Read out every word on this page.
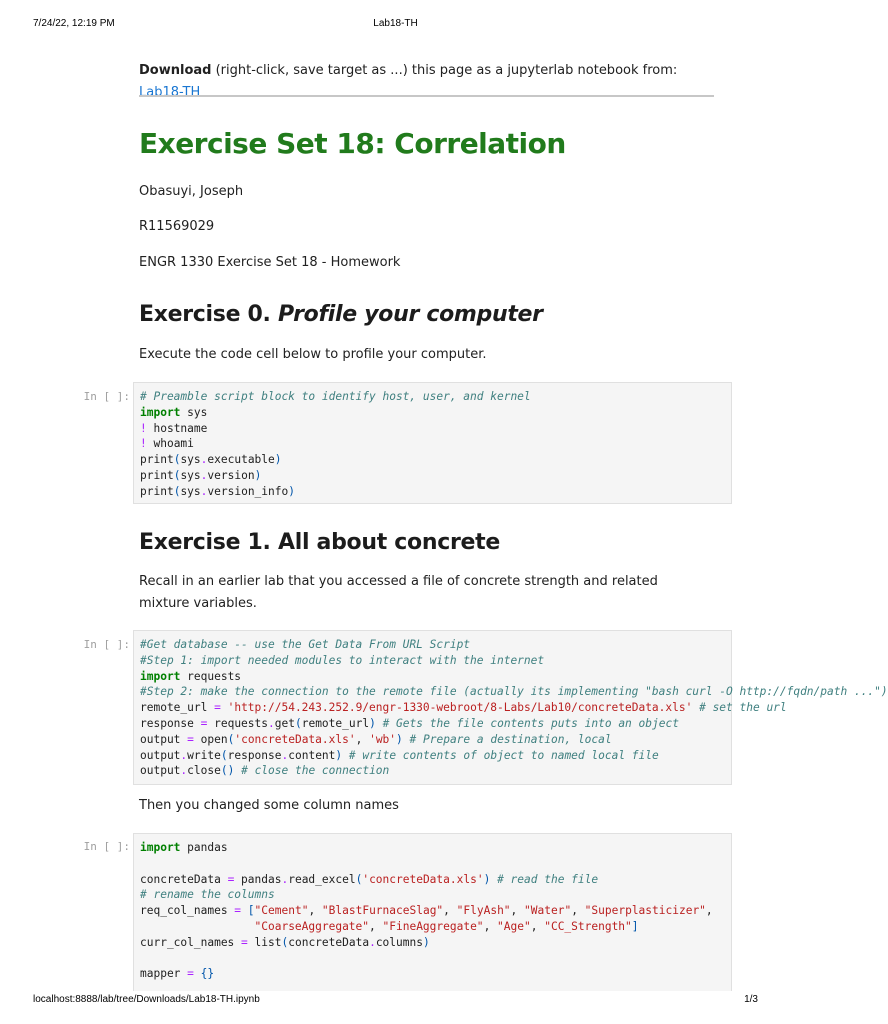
7/24/22, 12:19 PM	Lab18-TH
Download (right-click, save target as ...) this page as a jupyterlab notebook from: Lab18-TH
Exercise Set 18: Correlation
Obasuyi, Joseph
R11569029
ENGR 1330 Exercise Set 18 - Homework
Exercise 0. Profile your computer
Execute the code cell below to profile your computer.
In [ ]: # Preamble script block to identify host, user, and kernel
import sys
! hostname
! whoami
print(sys.executable)
print(sys.version)
print(sys.version_info)
Exercise 1. All about concrete
Recall in an earlier lab that you accessed a file of concrete strength and related mixture variables.
In [ ]: #Get database -- use the Get Data From URL Script
#Step 1: import needed modules to interact with the internet
import requests
#Step 2: make the connection to the remote file (actually its implementing "bash curl -O http://fqdn/path ...")
remote_url = 'http://54.243.252.9/engr-1330-webroot/8-Labs/Lab10/concreteData.xls' # set the url
response = requests.get(remote_url) # Gets the file contents puts into an object
output = open('concreteData.xls', 'wb') # Prepare a destination, local
output.write(response.content) # write contents of object to named local file
output.close() # close the connection
Then you changed some column names
In [ ]: import pandas

concreteData = pandas.read_excel('concreteData.xls') # read the file
# rename the columns
req_col_names = ["Cement", "BlastFurnaceSlag", "FlyAsh", "Water", "Superplasticizer",
"CoarseAggregate", "FineAggregate", "Age", "CC_Strength"]
curr_col_names = list(concreteData.columns)

mapper = {}
localhost:8888/lab/tree/Downloads/Lab18-TH.ipynb	1/3
